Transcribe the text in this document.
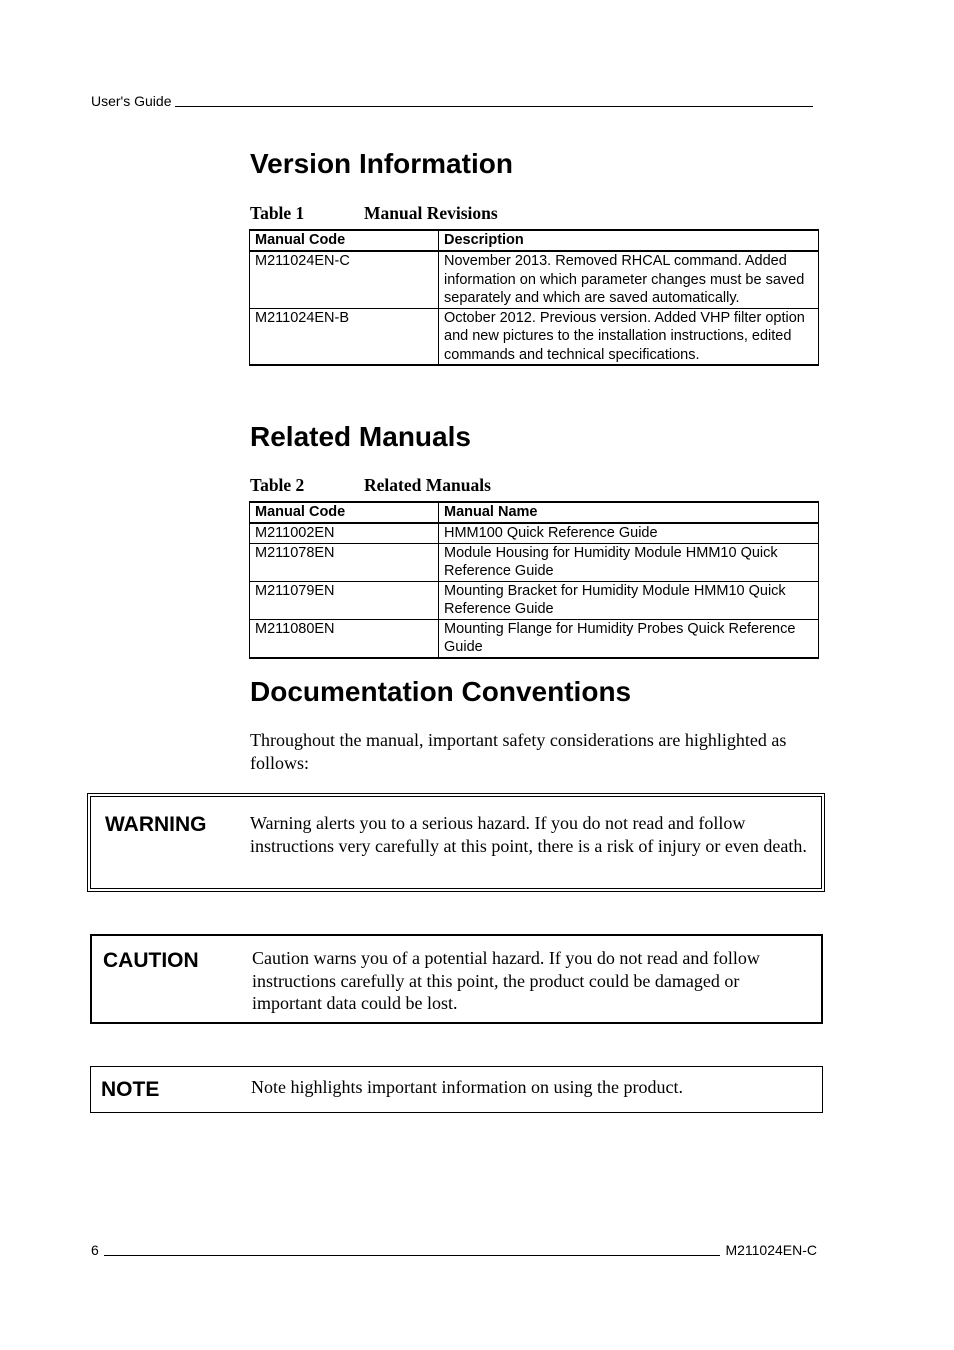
User's Guide
Version Information
Table 1	Manual Revisions
Manual Code	Description
M211024EN-C	November 2013. Removed RHCAL command. Added information on which parameter changes must be saved separately and which are saved automatically.
M211024EN-B	October 2012. Previous version. Added VHP filter option and new pictures to the installation instructions, edited commands and technical specifications.
Related Manuals
Table 2	Related Manuals
Manual Code	Manual Name
M211002EN	HMM100 Quick Reference Guide
M211078EN	Module Housing for Humidity Module HMM10 Quick Reference Guide
M211079EN	Mounting Bracket for Humidity Module HMM10 Quick Reference Guide
M211080EN	Mounting Flange for Humidity Probes Quick Reference Guide
Documentation Conventions

Throughout the manual, important safety considerations are highlighted as follows:

WARNING Warning alerts you to a serious hazard. If you do not read and follow instructions very carefully at this point, there is a risk of injury or even death.
CAUTION	Caution warns you of a potential hazard. If you do not read and follow instructions carefully at this point, the product could be damaged or important data could be lost.
NOTE	Note highlights important information on using the product.
6	M211024EN-C
